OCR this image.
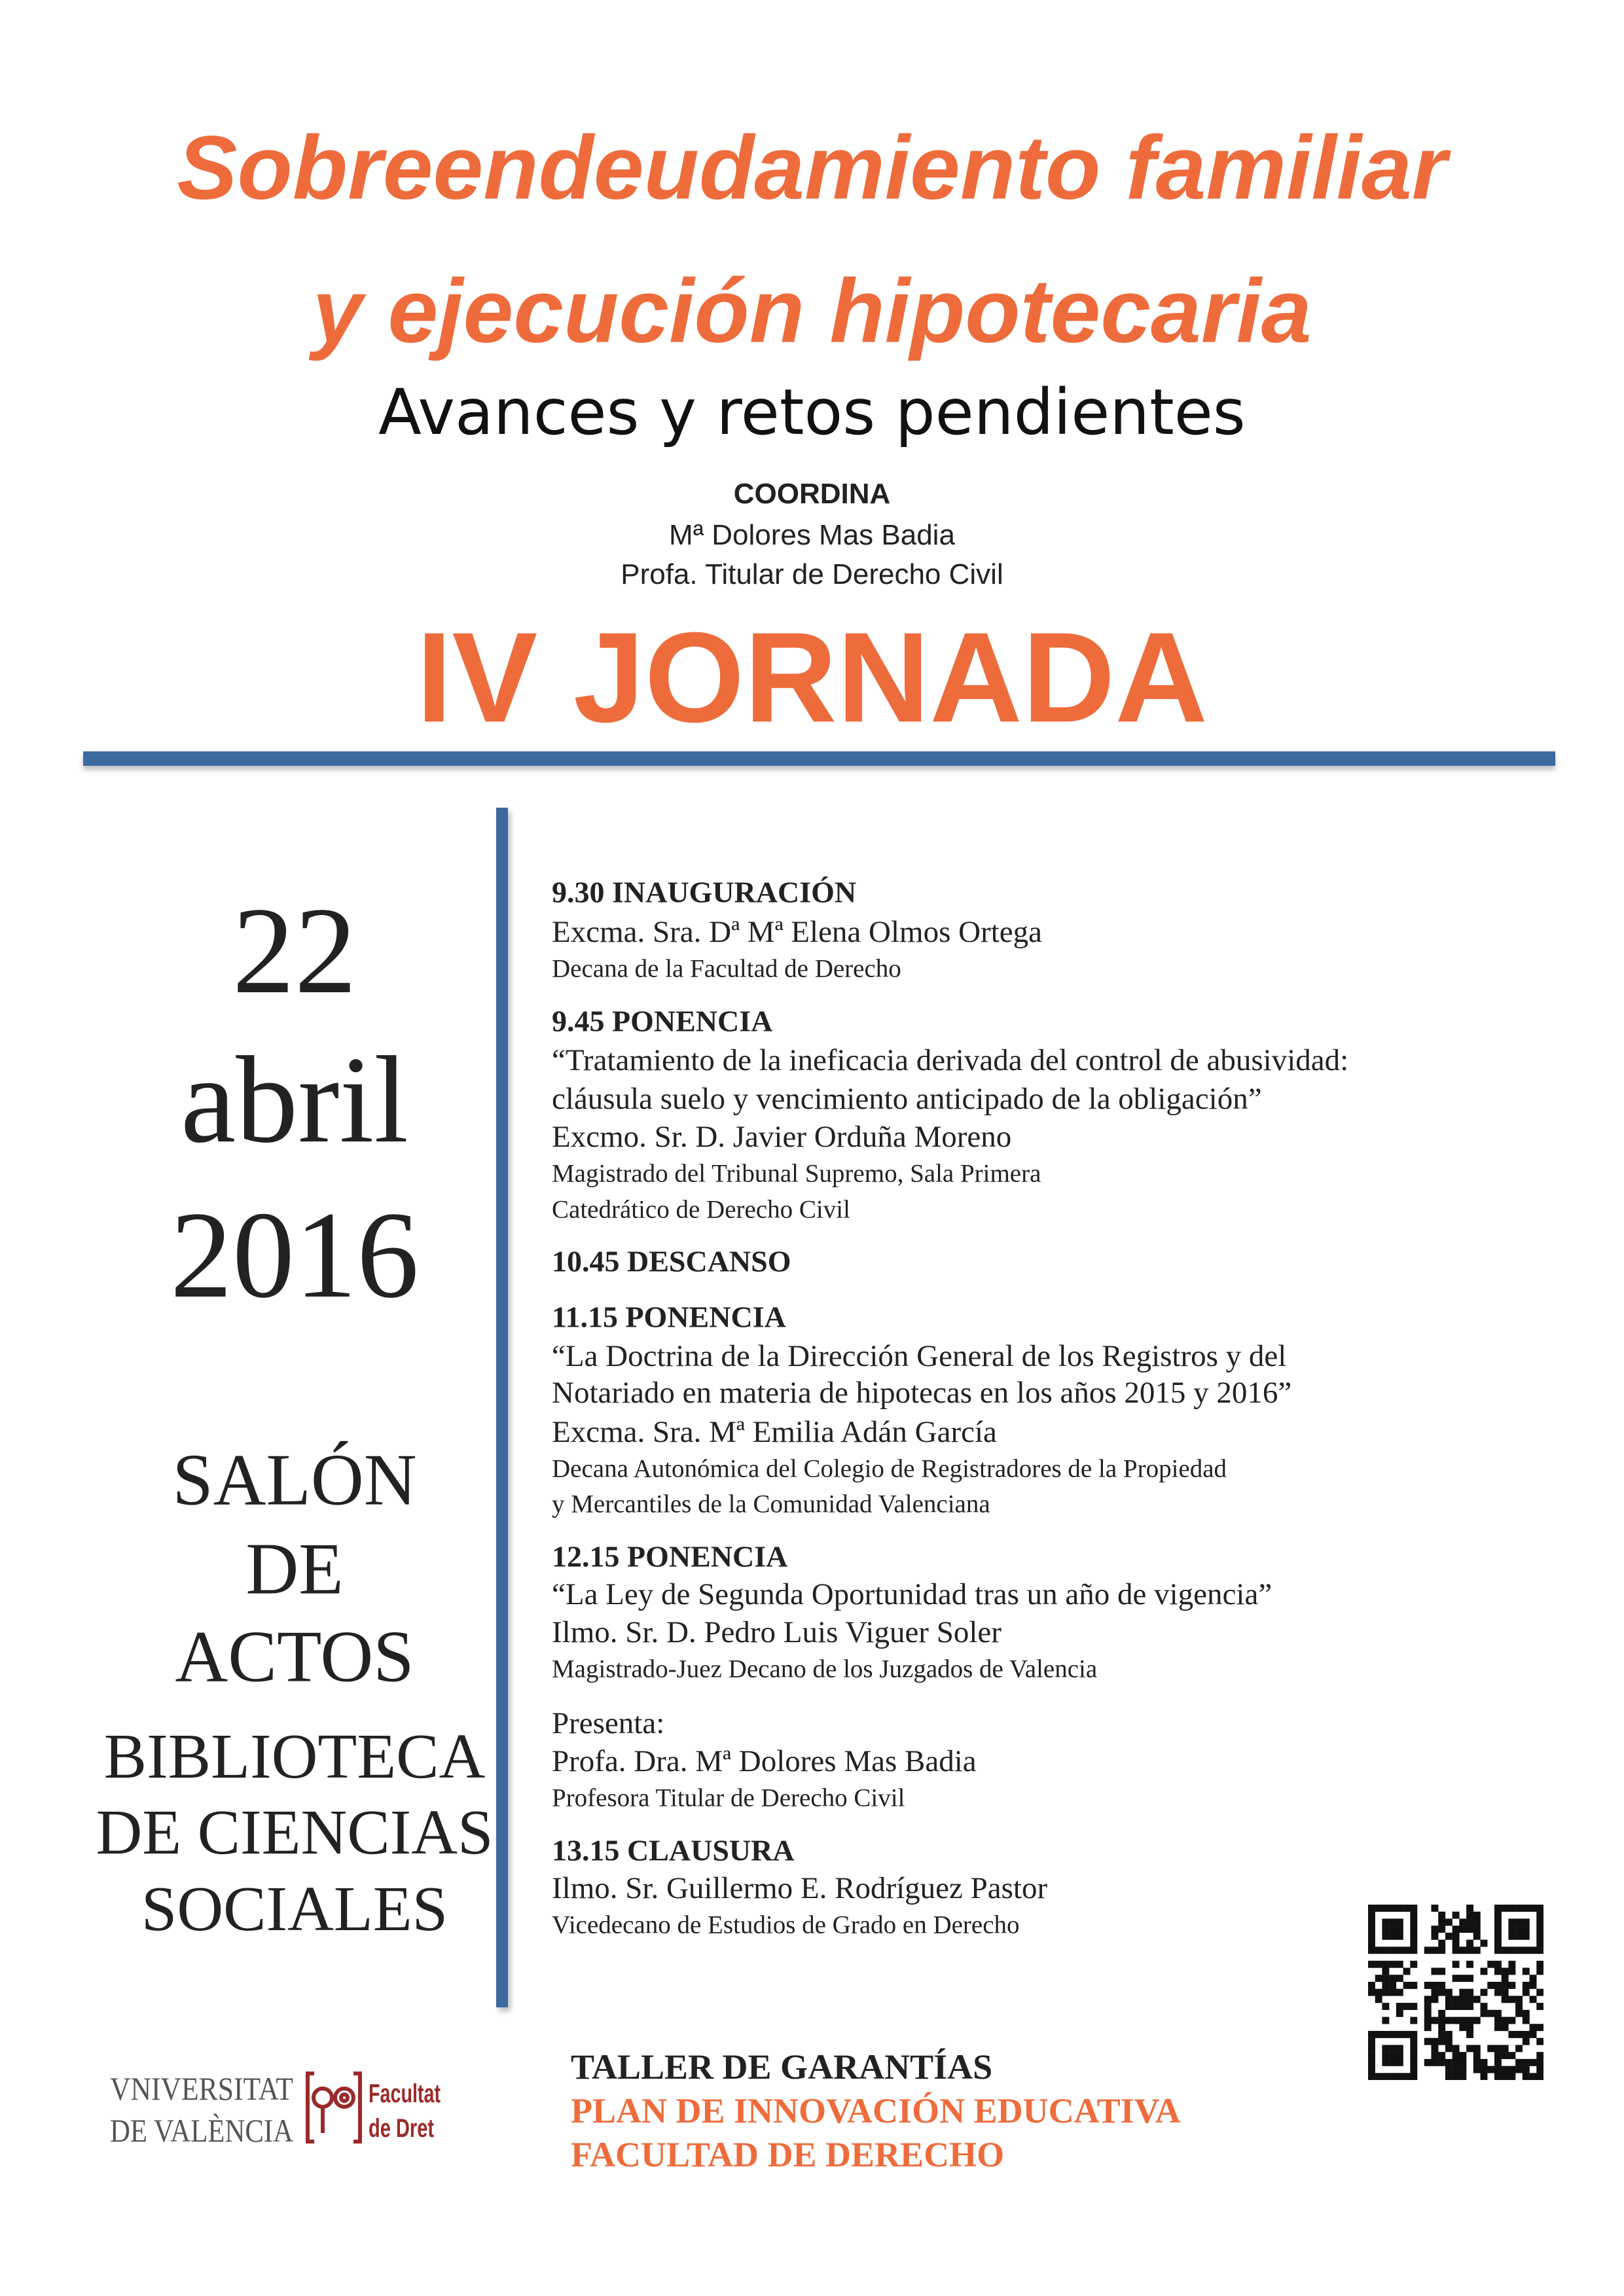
Sobreendeudamiento familiar
y ejecución hipotecaria
Avances y retos pendientes
COORDINA
Mª Dolores Mas Badia
Profa. Titular de Derecho Civil
IV JORNADA
22
abril
2016
SALÓN
DE
ACTOS
BIBLIOTECA
DE CIENCIAS
SOCIALES
9.30 INAUGURACIÓN
Excma. Sra. Dª Mª Elena Olmos Ortega
Decana de la Facultad de Derecho
9.45 PONENCIA
“Tratamiento de la ineficacia derivada del control de abusividad:
cláusula suelo y vencimiento anticipado de la obligación”
Excmo. Sr. D. Javier Orduña Moreno
Magistrado del Tribunal Supremo, Sala Primera
Catedrático de Derecho Civil
10.45 DESCANSO
11.15 PONENCIA
“La Doctrina de la Dirección General de los Registros y del
Notariado en materia de hipotecas en los años 2015 y 2016”
Excma. Sra. Mª Emilia Adán García
Decana Autonómica del Colegio de Registradores de la Propiedad
y Mercantiles de la Comunidad Valenciana
12.15 PONENCIA
“La Ley de Segunda Oportunidad tras un año de vigencia”
Ilmo. Sr. D. Pedro Luis Viguer Soler
Magistrado-Juez Decano de los Juzgados de Valencia
Presenta:
Profa. Dra. Mª Dolores Mas Badia
Profesora Titular de Derecho Civil
13.15 CLAUSURA
Ilmo. Sr. Guillermo E. Rodríguez Pastor
Vicedecano de Estudios de Grado en Derecho
VNIVERSITAT
DE VALÈNCIA
Facultat
de Dret
TALLER DE GARANTÍAS
PLAN DE INNOVACIÓN EDUCATIVA
FACULTAD DE DERECHO
